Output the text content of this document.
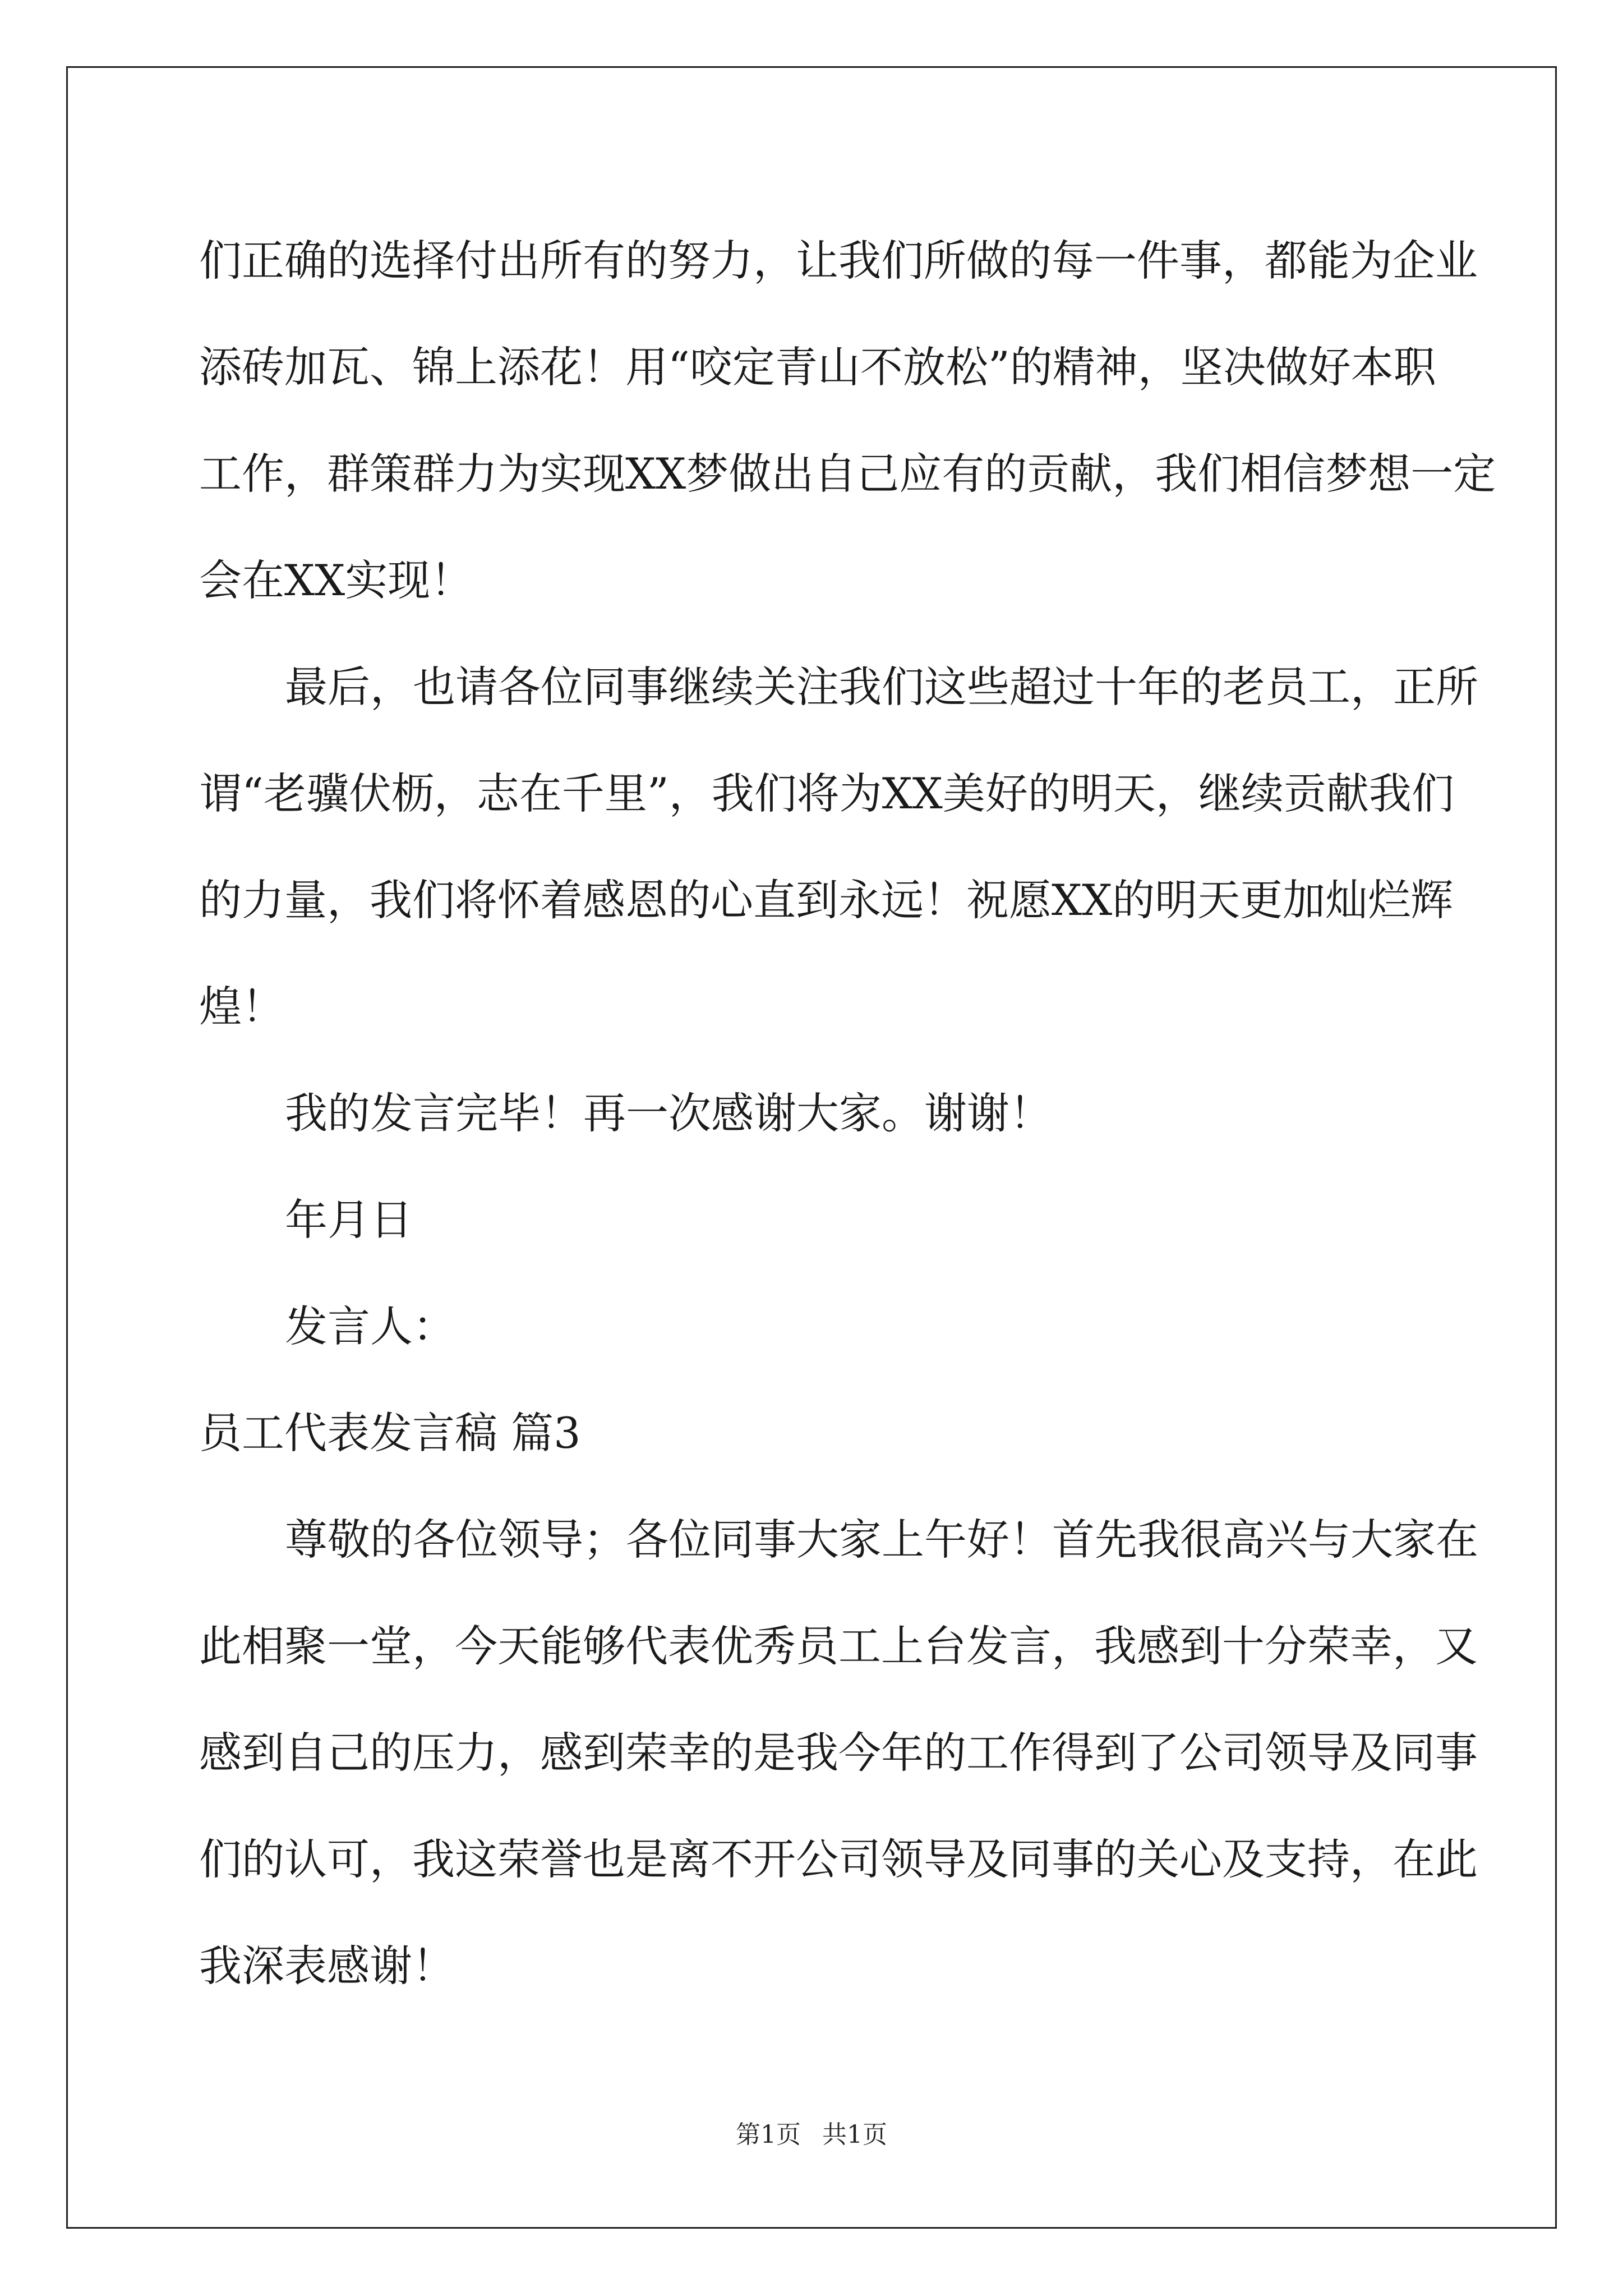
们正确的选择付出所有的努力，让我们所做的每一件事，都能为企业
添砖加瓦、锦上添花！用“咬定青山不放松”的精神，坚决做好本职
工作，群策群力为实现XX梦做出自己应有的贡献，我们相信梦想一定
会在XX实现！
最后，也请各位同事继续关注我们这些超过十年的老员工，正所
谓“老骥伏枥，志在千里”，我们将为XX美好的明天，继续贡献我们
的力量，我们将怀着感恩的心直到永远！祝愿XX的明天更加灿烂辉
煌！
我的发言完毕！再一次感谢大家。谢谢！
年月日
发言人：
员工代表发言稿 篇3
尊敬的各位领导；各位同事大家上午好！首先我很高兴与大家在
此相聚一堂，今天能够代表优秀员工上台发言，我感到十分荣幸，又
感到自己的压力，感到荣幸的是我今年的工作得到了公司领导及同事
们的认可，我这荣誉也是离不开公司领导及同事的关心及支持，在此
我深表感谢！
第1页 共1页
